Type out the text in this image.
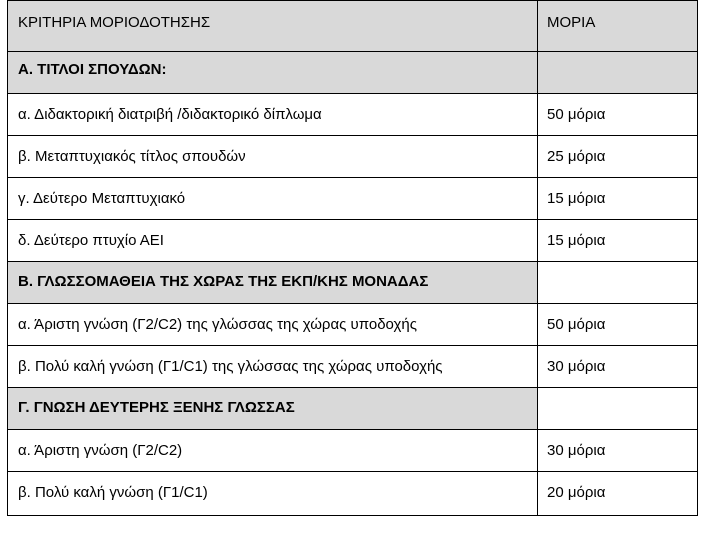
ΚΡΙΤΗΡΙΑ ΜΟΡΙΟΔΟΤΗΣΗΣ	ΜΟΡΙΑ

Α. ΤΙΤΛΟΙ ΣΠΟΥΔΩΝ:	

α. Διδακτορική διατριβή /διδακτορικό δίπλωμα	50 μόρια

β. Μεταπτυχιακός τίτλος σπουδών	25 μόρια

γ. Δεύτερο Μεταπτυχιακό	15 μόρια

δ. Δεύτερο πτυχίο ΑΕΙ	15 μόρια

Β. ΓΛΩΣΣΟΜΑΘΕΙΑ ΤΗΣ ΧΩΡΑΣ ΤΗΣ ΕΚΠ/ΚΗΣ ΜΟΝΑΔΑΣ	

α. Άριστη γνώση (Γ2/C2) της γλώσσας της χώρας υποδοχής	50 μόρια

β. Πολύ καλή γνώση (Γ1/C1) της γλώσσας της χώρας υποδοχής	30 μόρια

Γ. ΓΝΩΣΗ ΔΕΥΤΕΡΗΣ ΞΕΝΗΣ ΓΛΩΣΣΑΣ	

α. Άριστη γνώση (Γ2/C2)	30 μόρια

β. Πολύ καλή γνώση (Γ1/C1)	20 μόρια
